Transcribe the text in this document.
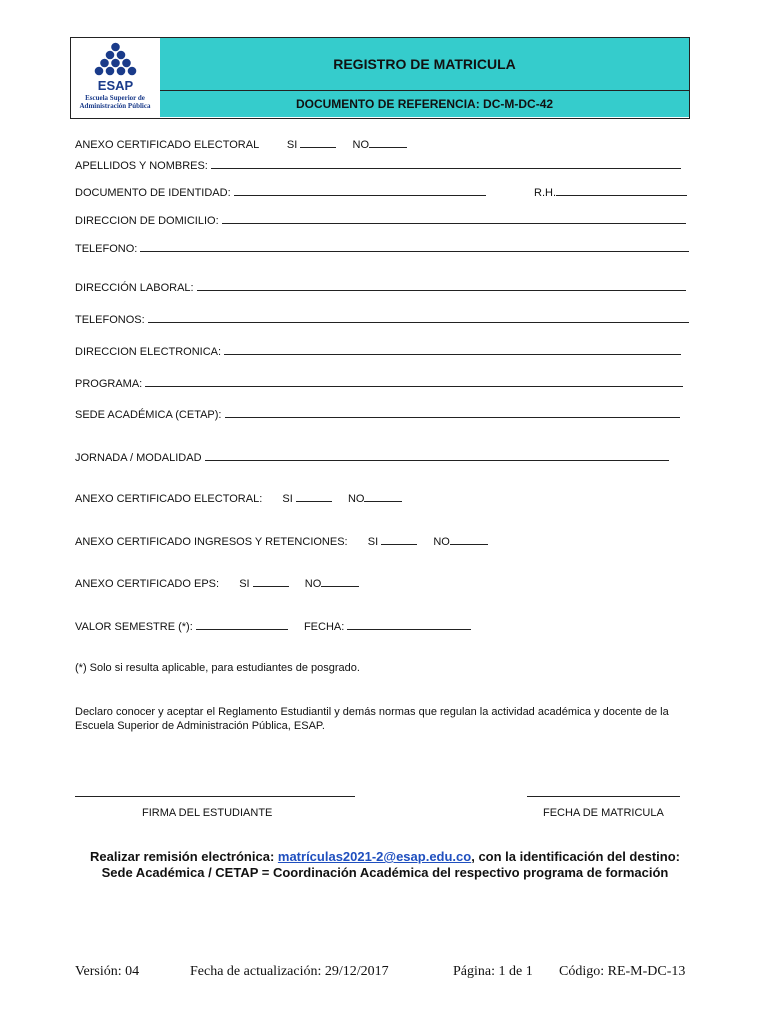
ESAP
Escuela Superior de
Administración Pública
REGISTRO DE MATRICULA
DOCUMENTO DE REFERENCIA: DC-M-DC-42
ANEXO CERTIFICADO ELECTORAL	SI	NO
APELLIDOS Y NOMBRES:
DOCUMENTO DE IDENTIDAD:	R.H.
DIRECCION DE DOMICILIO:
TELEFONO:
DIRECCIÓN LABORAL:
TELEFONOS:
DIRECCION ELECTRONICA:
PROGRAMA:
SEDE ACADÉMICA (CETAP):
JORNADA / MODALIDAD
ANEXO CERTIFICADO ELECTORAL: SI	NO
ANEXO CERTIFICADO INGRESOS Y RETENCIONES: SI	NO
ANEXO CERTIFICADO EPS: SI	NO
VALOR SEMESTRE (*):	FECHA:
(*) Solo si resulta aplicable, para estudiantes de posgrado.
Declaro conocer y aceptar el Reglamento Estudiantil y demás normas que regulan la actividad académica y docente de la Escuela Superior de Administración Pública, ESAP.
FIRMA DEL ESTUDIANTE	FECHA DE MATRICULA
Realizar remisión electrónica: matrículas2021-2@esap.edu.co, con la identificación del destino: Sede Académica / CETAP = Coordinación Académica del respectivo programa de formación
Versión: 04	Fecha de actualización: 29/12/2017	Página: 1 de 1 Código: RE-M-DC-13
